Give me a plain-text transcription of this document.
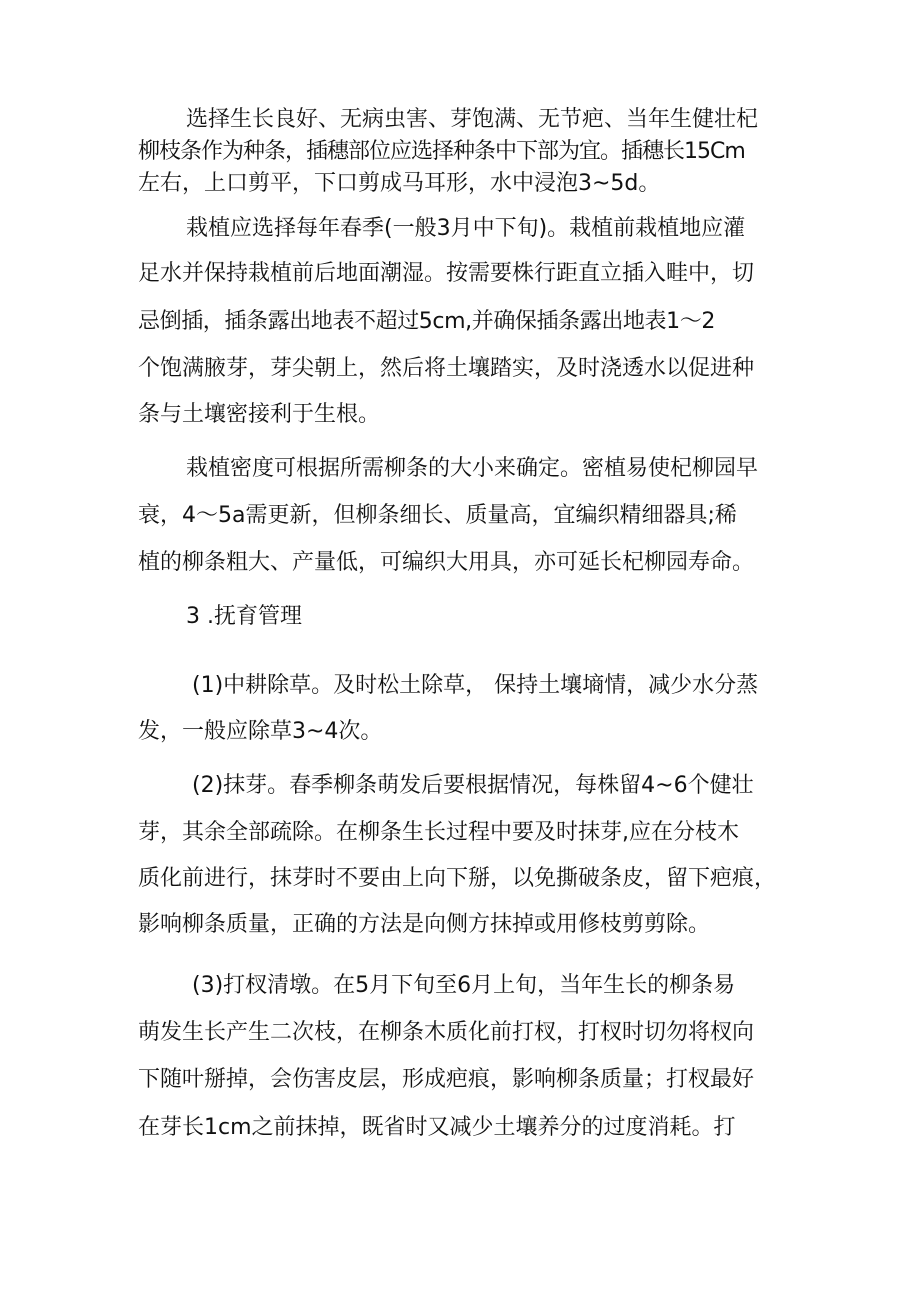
选择生长良好、无病虫害、芽饱满、无节疤、当年生健壮杞
柳枝条作为种条，插穗部位应选择种条中下部为宜。插穗长15Cm
左右，上口剪平，下口剪成马耳形，水中浸泡3~5d。
栽植应选择每年春季(一般3月中下旬)。栽植前栽植地应灌
足水并保持栽植前后地面潮湿。按需要株行距直立插入畦中，切
忌倒插，插条露出地表不超过5cm,并确保插条露出地表1～2
个饱满腋芽，芽尖朝上，然后将土壤踏实，及时浇透水以促进种
条与土壤密接利于生根。
栽植密度可根据所需柳条的大小来确定。密植易使杞柳园早
衰，4～5a需更新，但柳条细长、质量高，宜编织精细器具;稀
植的柳条粗大、产量低，可编织大用具，亦可延长杞柳园寿命。
3 .抚育管理
(1)中耕除草。及时松土除草， 保持土壤墒情，减少水分蒸
发，一般应除草3~4次。
(2)抹芽。春季柳条萌发后要根据情况，每株留4~6个健壮
芽，其余全部疏除。在柳条生长过程中要及时抹芽,应在分枝木
质化前进行，抹芽时不要由上向下掰，以免撕破条皮，留下疤痕，
影响柳条质量，正确的方法是向侧方抹掉或用修枝剪剪除。
(3)打杈清墩。在5月下旬至6月上旬，当年生长的柳条易
萌发生长产生二次枝，在柳条木质化前打杈，打杈时切勿将杈向
下随叶掰掉，会伤害皮层，形成疤痕，影响柳条质量；打杈最好
在芽长1cm之前抹掉，既省时又减少土壤养分的过度消耗。打
